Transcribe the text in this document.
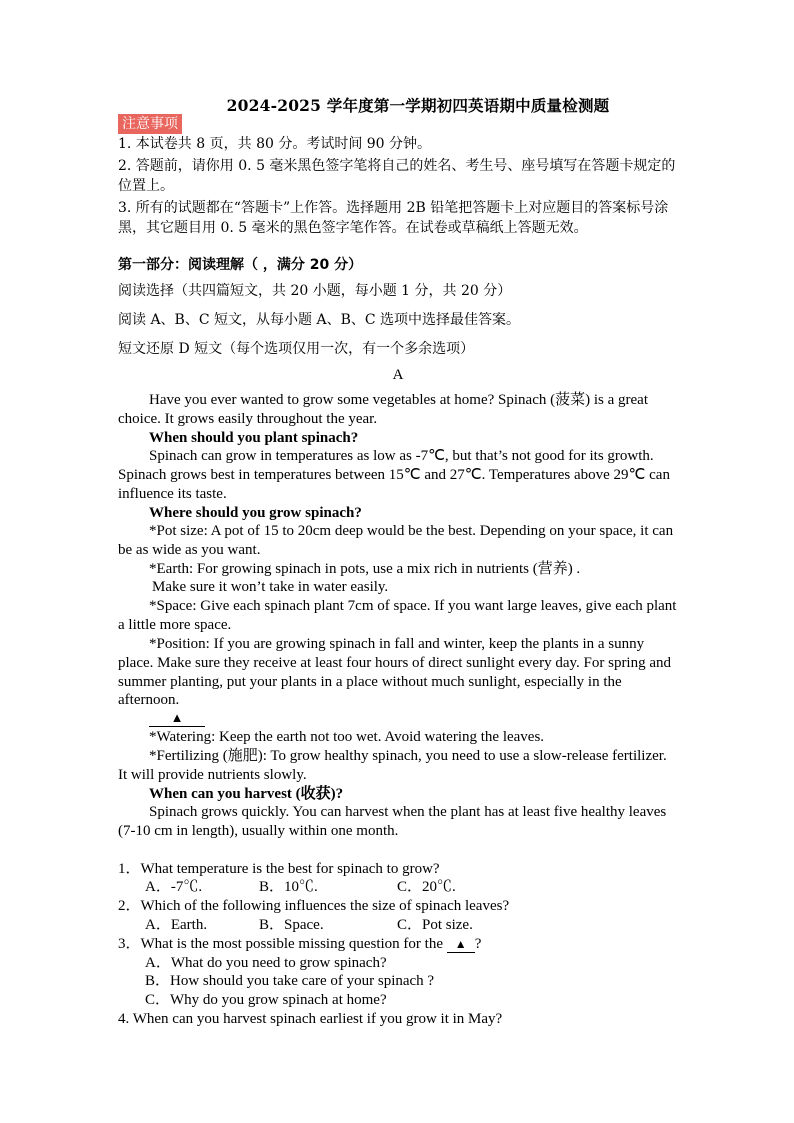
2024-2025 学年度第一学期初四英语期中质量检测题
注意事项
1. 本试卷共 8 页，共 80 分。考试时间 90 分钟。
2. 答题前，请你用 0. 5 毫米黑色签字笔将自己的姓名、考生号、座号填写在答题卡规定的位置上。
3. 所有的试题都在“答题卡”上作答。选择题用 2B 铅笔把答题卡上对应题目的答案标号涂黑，其它题目用 0. 5 毫米的黑色签字笔作答。在试卷或草稿纸上答题无效。
第一部分：阅读理解（ ，满分 20 分）
阅读选择（共四篇短文，共 20 小题，每小题 1 分，共 20 分）
阅读 A、B、C 短文，从每小题 A、B、C 选项中选择最佳答案。
短文还原 D 短文（每个选项仅用一次，有一个多余选项）
A
Have you ever wanted to grow some vegetables at home? Spinach (菠菜) is a great choice. It grows easily throughout the year.
When should you plant spinach?
Spinach can grow in temperatures as low as -7℃, but that’s not good for its growth. Spinach grows best in temperatures between 15℃ and 27℃. Temperatures above 29℃ can influence its taste.
Where should you grow spinach?
*Pot size: A pot of 15 to 20cm deep would be the best. Depending on your space, it can be as wide as you want.
*Earth: For growing spinach in pots, use a mix rich in nutrients (营养) .
Make sure it won’t take in water easily.
*Space: Give each spinach plant 7cm of space. If you want large leaves, give each plant a little more space.
*Position: If you are growing spinach in fall and winter, keep the plants in a sunny place. Make sure they receive at least four hours of direct sunlight every day. For spring and summer planting, put your plants in a place without much sunlight, especially in the afternoon.
▲
*Watering: Keep the earth not too wet. Avoid watering the leaves.
*Fertilizing (施肥): To grow healthy spinach, you need to use a slow-release fertilizer. It will provide nutrients slowly.
When can you harvest (收获)?
Spinach grows quickly. You can harvest when the plant has at least five healthy leaves (7-10 cm in length), usually within one month.
1．What temperature is the best for spinach to grow?
A．-7℃.	B．10℃.	C．20℃.
2．Which of the following influences the size of spinach leaves?
A．Earth.	B．Space.	C．Pot size.
3．What is the most possible missing question for the ▲ ?
A．What do you need to grow spinach?
B．How should you take care of your spinach ?
C．Why do you grow spinach at home?
4. When can you harvest spinach earliest if you grow it in May?
